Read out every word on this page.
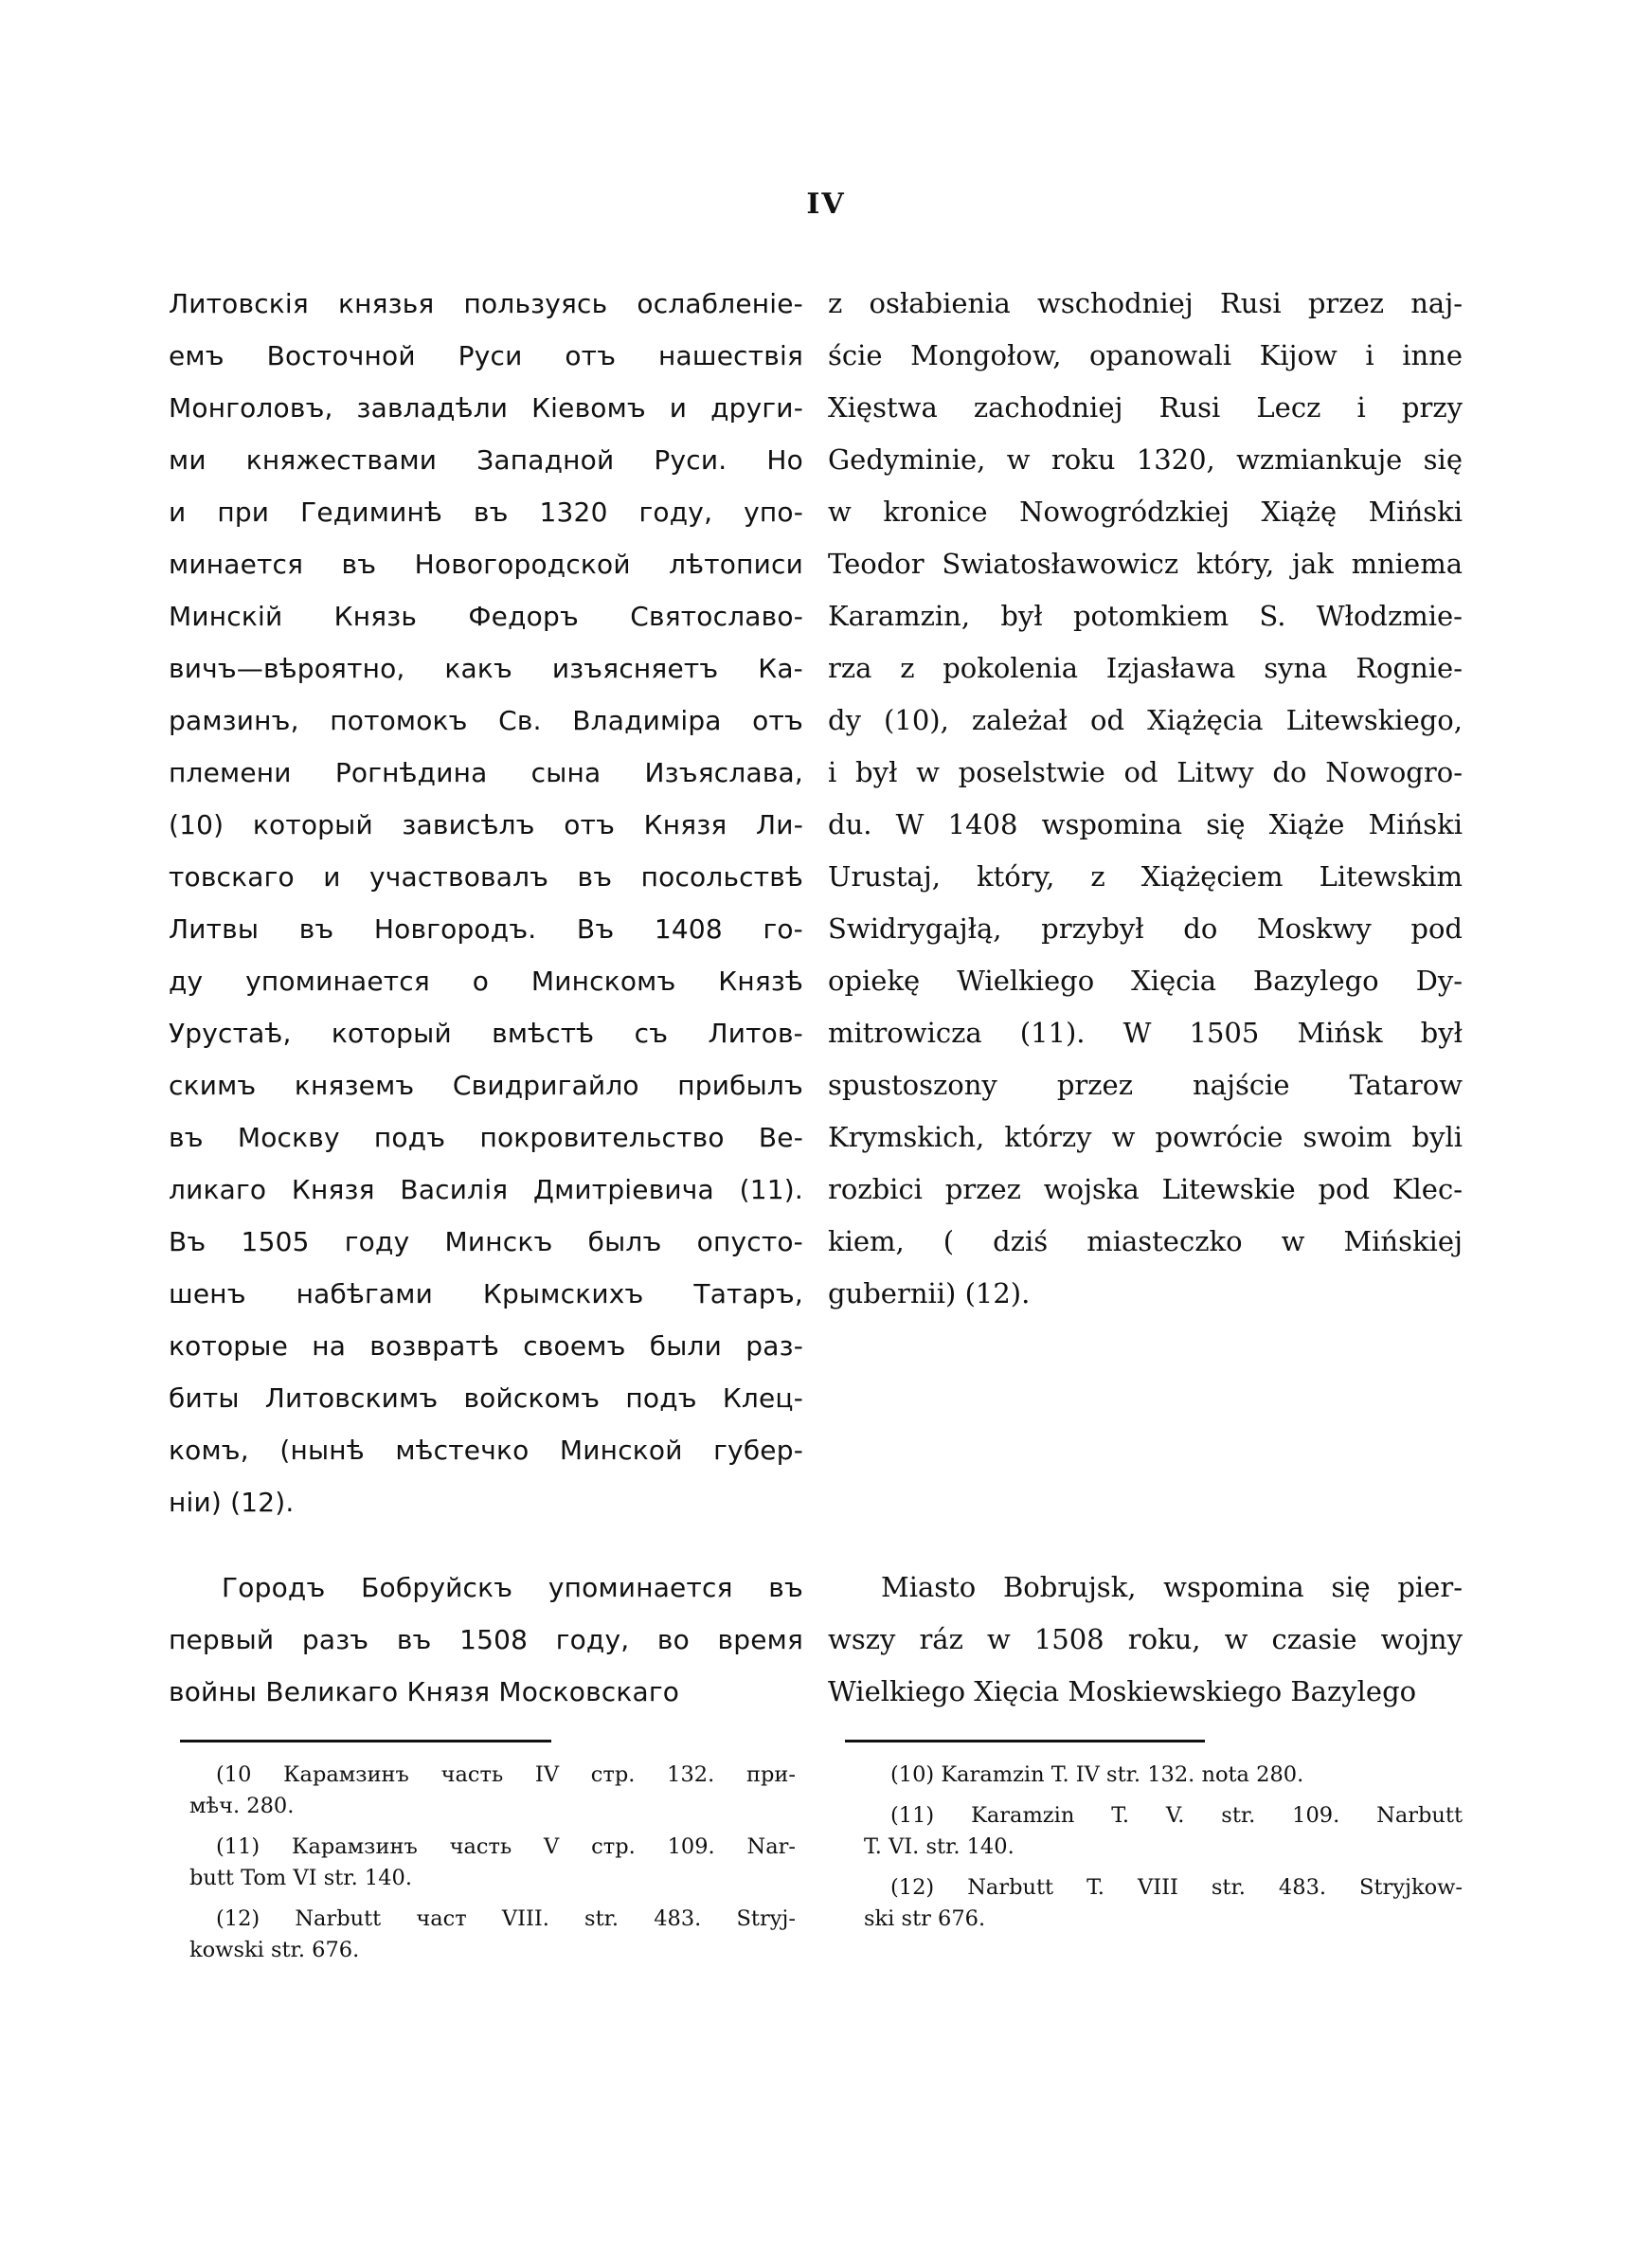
IV
Литовскія князья пользуясь ослабленіе-
емъ Восточной Руси отъ нашествія
Монголовъ, завладѣли Кіевомъ и други-
ми княжествами Западной Руси. Но
и при Гедиминѣ въ 1320 году, упо-
минается въ Новогородской лѣтописи
Минскій Князь Федоръ Святославо-
вичъ—вѣроятно, какъ изъясняетъ Ка-
рамзинъ, потомокъ Св. Владиміра отъ
племени Рогнѣдина сына Изъяслава,
(10) который зависѣлъ отъ Князя Ли-
товскаго и участвовалъ въ посольствѣ
Литвы въ Новгородъ. Въ 1408 го-
ду упоминается о Минскомъ Князѣ
Урустаѣ, который вмѣстѣ съ Литов-
скимъ княземъ Свидригайло прибылъ
въ Москву подъ покровительство Ве-
ликаго Князя Василія Дмитріевича (11).
Въ 1505 году Минскъ былъ опусто-
шенъ набѣгами Крымскихъ Татаръ,
которые на возвратѣ своемъ были раз-
биты Литовскимъ войскомъ подъ Клец-
комъ, (нынѣ мѣстечко Минской губер-
ніи) (12).
Городъ Бобруйскъ упоминается въ
первый разъ въ 1508 году, во время
войны Великаго Князя Московскаго
z osłabienia wschodniej Rusi przez naj-
ście Mongołow, opanowali Kijow i inne
Xięstwa zachodniej Rusi Lecz i przy
Gedyminie, w roku 1320, wzmiankuje się
w kronice Nowogródzkiej Xiążę Miński
Teodor Swiatosławowicz który, jak mniema
Karamzin, był potomkiem S. Włodzmie-
rza z pokolenia Izjasława syna Rognie-
dy (10), zależał od Xiążęcia Litewskiego,
i był w poselstwie od Litwy do Nowogro-
du. W 1408 wspomina się Xiąże Miński
Urustaj, który, z Xiążęciem Litewskim
Swidrygajłą, przybył do Moskwy pod
opiekę Wielkiego Xięcia Bazylego Dy-
mitrowicza (11). W 1505 Mińsk był
spustoszony przez najście Tatarow
Krymskich, którzy w powrócie swoim byli
rozbici przez wojska Litewskie pod Klec-
kiem, ( dziś miasteczko w Mińskiej
gubernii) (12).
Miasto Bobrujsk, wspomina się pier-
wszy ráz w 1508 roku, w czasie wojny
Wielkiego Xięcia Moskiewskiego Bazylego
(10 Карамзинъ часть IV стр. 132. при-
мѣч. 280.
(11) Карамзинъ часть V стр. 109. Nar-
butt Tom VI str. 140.
(12) Narbutt част VIII. str. 483. Stryj-
kowski str. 676.
(10) Karamzin T. IV str. 132. nota 280.
(11) Karamzin T. V. str. 109. Narbutt
T. VI. str. 140.
(12) Narbutt T. VIII str. 483. Stryjkow-
ski str 676.
